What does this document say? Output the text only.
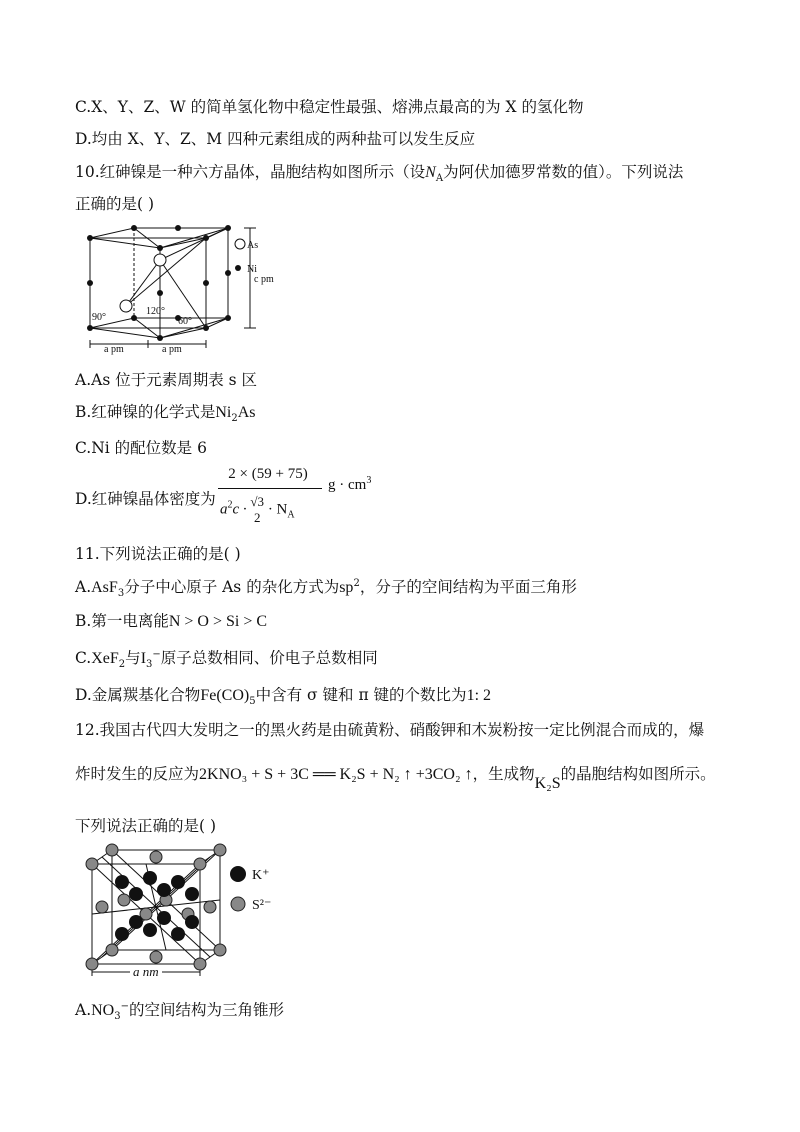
C.X、Y、Z、W 的简单氢化物中稳定性最强、熔沸点最高的为 X 的氢化物
D.均由 X、Y、Z、M 四种元素组成的两种盐可以发生反应
10.红砷镍是一种六方晶体，晶胞结构如图所示（设$N_A$为阿伏加德罗常数的值）。下列说法
正确的是( )
As
Ni
c pm
90°
120°
60°
a pm	a pm
A.As 位于元素周期表 s 区
B.红砷镍的化学式是$Ni_2As$
C.Ni 的配位数是 6
D.红砷镍晶体密度为
2 × (59 + 75)
$a^2c \cdot √3$
2
· $N_A$
$g \cdot cm^3$
11.下列说法正确的是( )
A.AsF$_3$分子中心原子 As 的杂化方式为$sp^2$，分子的空间结构为平面三角形
B.第一电离能N > O > Si > C
C.XeF$_2$与$I_3^-$原子总数相同、价电子总数相同
D.金属羰基化合物$Fe(CO)_5$中含有 σ 键和 π 键的个数比为1: 2
12.我国古代四大发明之一的黑火药是由硫黄粉、硝酸钾和木炭粉按一定比例混合而成的，爆
炸时发生的反应为2KNO₃ + S + 3C ══ K₂S + N₂ ↑ +3CO₂ ↑，生成物K₂S的晶胞结构如图所示。
下列说法正确的是( )
K⁺
S²⁻
a nm
$A.NO_3^-$的空间结构为三角锥形
